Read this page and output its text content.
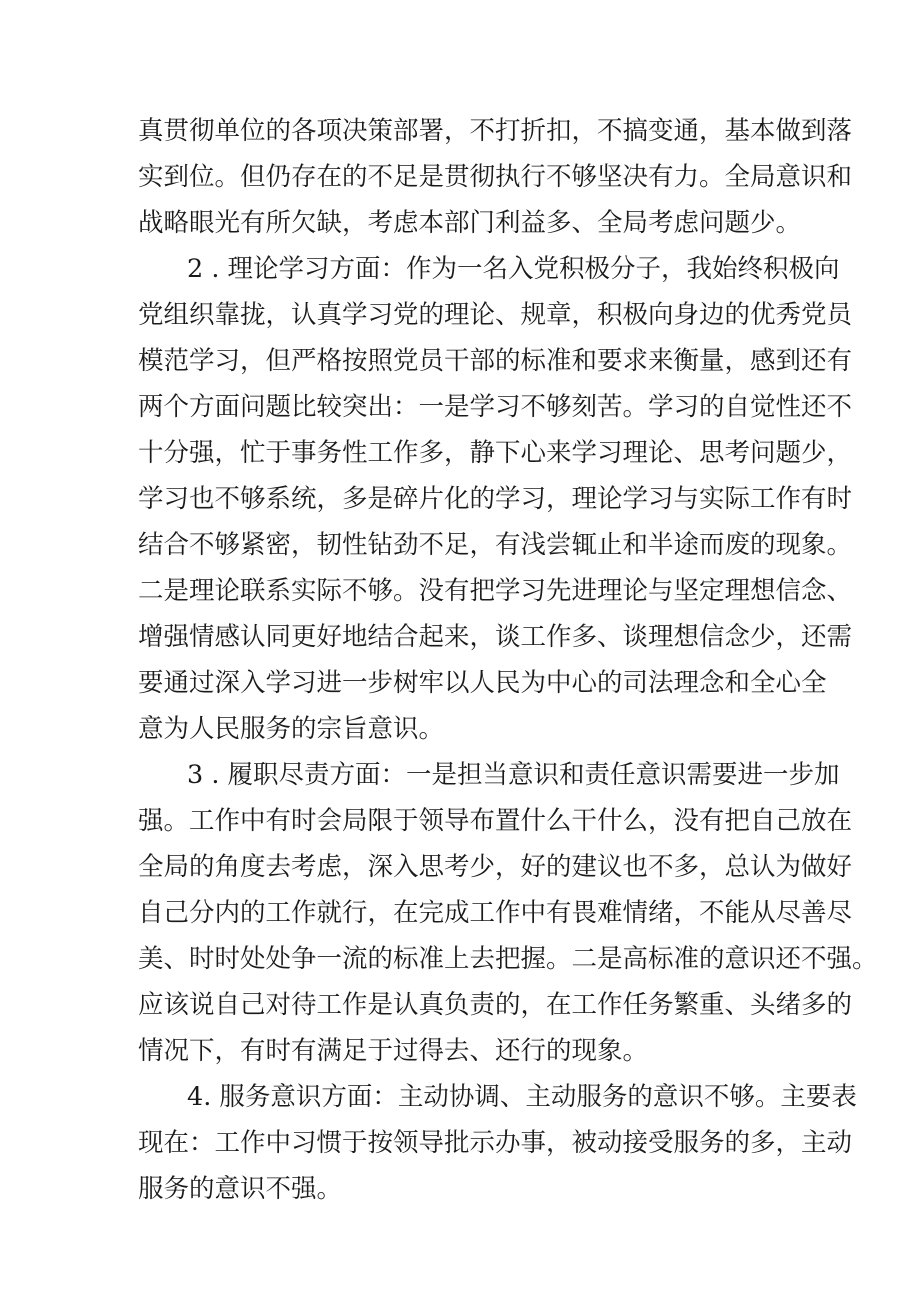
真贯彻单位的各项决策部署，不打折扣，不搞变通，基本做到落
实到位。但仍存在的不足是贯彻执行不够坚决有力。全局意识和
战略眼光有所欠缺，考虑本部门利益多、全局考虑问题少。
2 . 理论学习方面：作为一名入党积极分子，我始终积极向
党组织靠拢，认真学习党的理论、规章，积极向身边的优秀党员
模范学习，但严格按照党员干部的标准和要求来衡量，感到还有
两个方面问题比较突出：一是学习不够刻苦。学习的自觉性还不
十分强，忙于事务性工作多，静下心来学习理论、思考问题少，
学习也不够系统，多是碎片化的学习，理论学习与实际工作有时
结合不够紧密，韧性钻劲不足，有浅尝辄止和半途而废的现象。
二是理论联系实际不够。没有把学习先进理论与坚定理想信念、
增强情感认同更好地结合起来，谈工作多、谈理想信念少，还需
要通过深入学习进一步树牢以人民为中心的司法理念和全心全
意为人民服务的宗旨意识。
3 . 履职尽责方面：一是担当意识和责任意识需要进一步加
强。工作中有时会局限于领导布置什么干什么，没有把自己放在
全局的角度去考虑，深入思考少，好的建议也不多，总认为做好
自己分内的工作就行，在完成工作中有畏难情绪，不能从尽善尽
美、时时处处争一流的标准上去把握。二是高标准的意识还不强。
应该说自己对待工作是认真负责的，在工作任务繁重、头绪多的
情况下，有时有满足于过得去、还行的现象。
4. 服务意识方面：主动协调、主动服务的意识不够。主要表
现在：工作中习惯于按领导批示办事，被动接受服务的多，主动
服务的意识不强。
